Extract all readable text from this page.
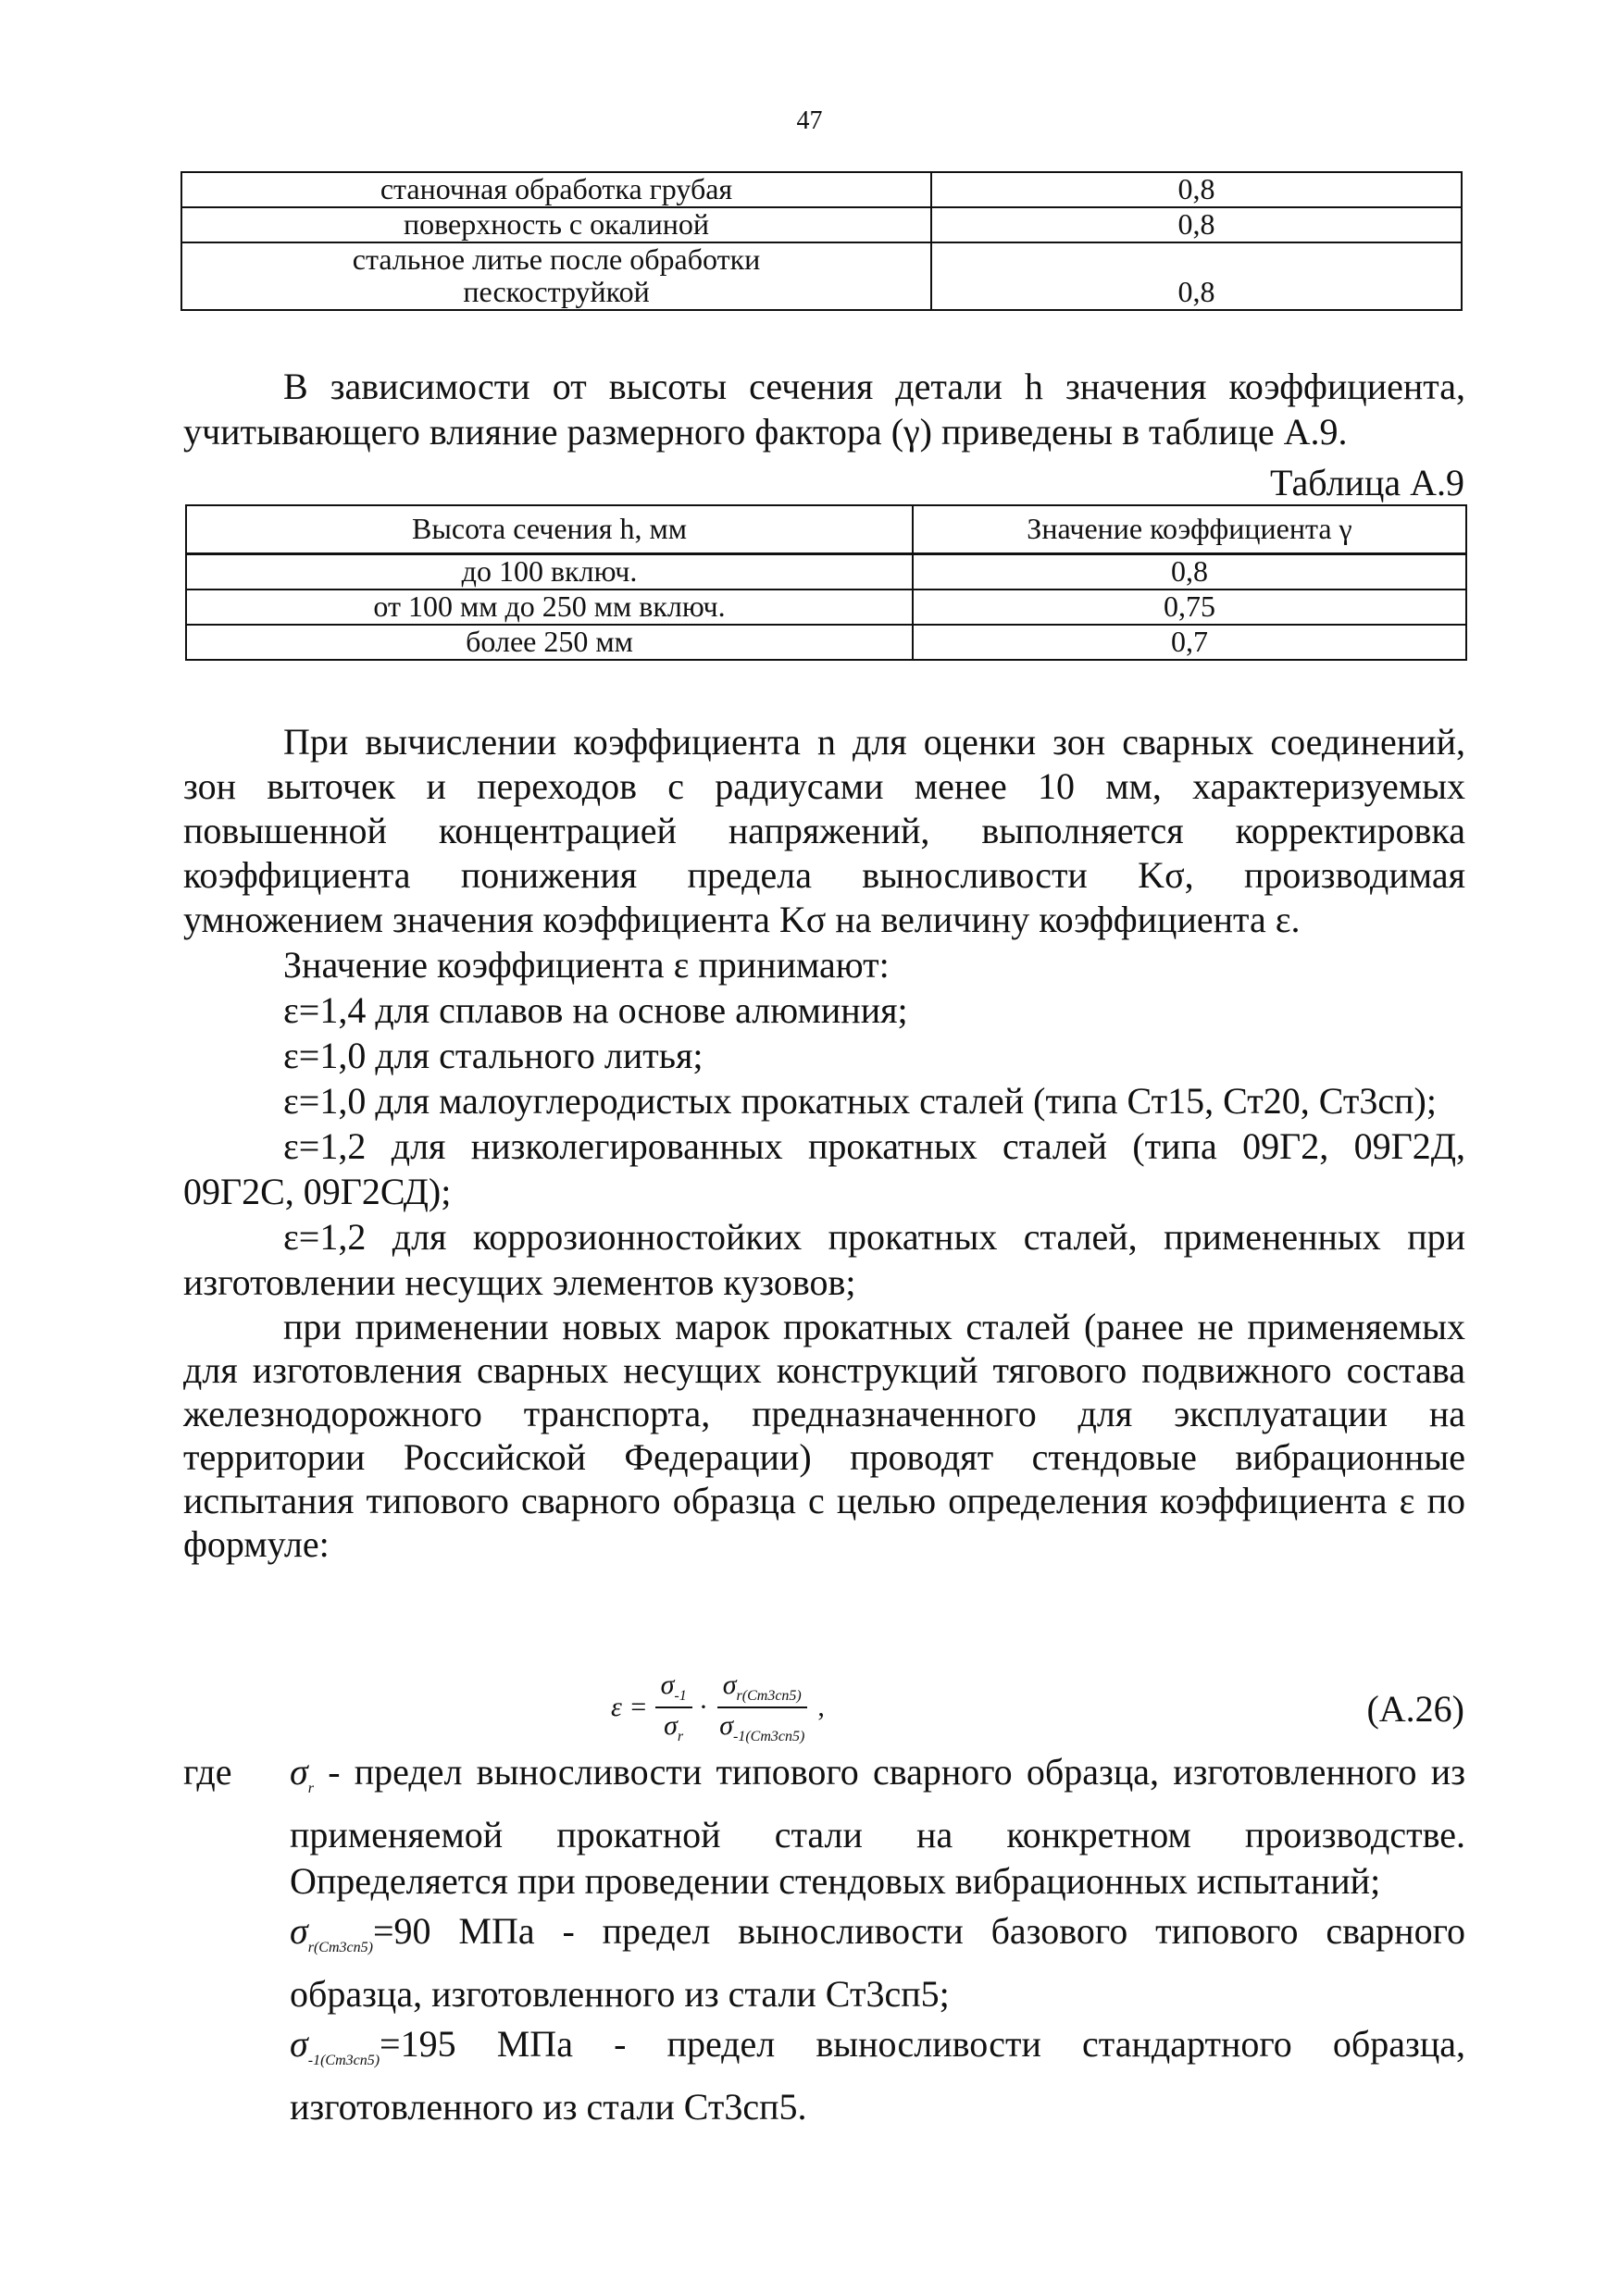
47
станочная обработка грубая	0,8
поверхность с окалиной	0,8
стальное литье после обработки пескоструйкой	0,8

В зависимости от высоты сечения детали h значения коэффициента, учитывающего влияние размерного фактора (γ) приведены в таблице А.9.

Таблица А.9
Высота сечения h, мм	Значение коэффициента γ
до 100 включ.	0,8
от 100 мм до 250 мм включ.	0,75
более 250 мм	0,7

При вычислении коэффициента n для оценки зон сварных соединений, зон выточек и переходов с радиусами менее 10 мм, характеризуемых повышенной концентрацией напряжений, выполняется корректировка коэффициента понижения предела выносливости Kσ, производимая умножением значения коэффициента Kσ на величину коэффициента ε.

Значение коэффициента ε принимают:

ε=1,4 для сплавов на основе алюминия;

ε=1,0 для стального литья;

ε=1,0 для малоуглеродистых прокатных сталей (типа Ст15, Ст20, Ст3сп);

ε=1,2 для низколегированных прокатных сталей (типа 09Г2, 09Г2Д, 09Г2С, 09Г2СД);

ε=1,2 для коррозионностойких прокатных сталей, примененных при изготовлении несущих элементов кузовов;

при применении новых марок прокатных сталей (ранее не применяемых для изготовления сварных несущих конструкций тягового подвижного состава железнодорожного транспорта, предназначенного для эксплуатации на территории Российской Федерации) проводят стендовые вибрационные испытания типового сварного образца с целью определения коэффициента ε по формуле:

$\varepsilon = \frac{\sigma_{-1}}{\sigma_r} \cdot \frac{\sigma_{r(Cm3cn5)}}{\sigma_{-1(Cm3cn5)}}$ ,	(А.26)
где	$\sigma_r$ - предел выносливости типового сварного образца, изготовленного из применяемой прокатной стали на конкретном производстве. Определяется при проведении стендовых вибрационных испытаний;

$\sigma_{r(Cm3cn5)}=90$ МПа - предел выносливости базового типового сварного образца, изготовленного из стали Ст3сп5;

$\sigma_{-1(Cm3cn5)}=195$ МПа - предел выносливости стандартного образца, изготовленного из стали Ст3сп5.
